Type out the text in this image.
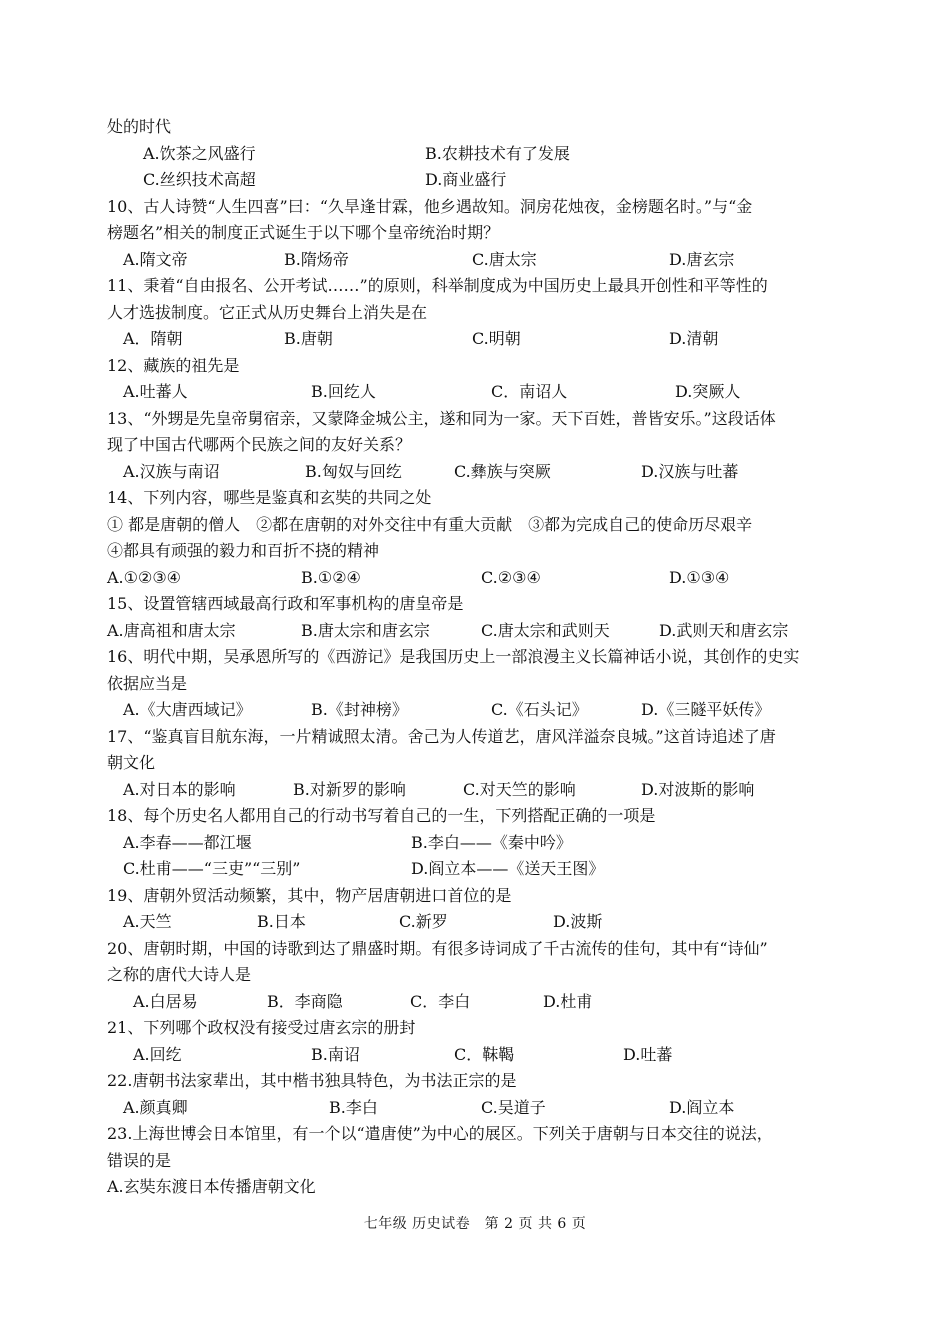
处的时代
A.饮茶之风盛行	B.农耕技术有了发展
C.丝织技术高超	D.商业盛行
10、古人诗赞“人生四喜”曰：“久旱逢甘霖，他乡遇故知。洞房花烛夜，金榜题名时。”与“金
榜题名”相关的制度正式诞生于以下哪个皇帝统治时期？
A.隋文帝	B.隋炀帝	C.唐太宗	D.唐玄宗
11、秉着“自由报名、公开考试……”的原则，科举制度成为中国历史上最具开创性和平等性的
人才选拔制度。它正式从历史舞台上消失是在
A．隋朝	B.唐朝	C.明朝	D.清朝
12、藏族的祖先是
A.吐蕃人	B.回纥人	C．南诏人	D.突厥人
13、“外甥是先皇帝舅宿亲，又蒙降金城公主，遂和同为一家。天下百姓，普皆安乐。”这段话体
现了中国古代哪两个民族之间的友好关系？
A.汉族与南诏	B.匈奴与回纥	C.彝族与突厥	D.汉族与吐蕃
14、下列内容，哪些是鉴真和玄奘的共同之处
① 都是唐朝的僧人　②都在唐朝的对外交往中有重大贡献　③都为完成自己的使命历尽艰辛
④都具有顽强的毅力和百折不挠的精神
A.①②③④	B.①②④	C.②③④	D.①③④
15、设置管辖西域最高行政和军事机构的唐皇帝是
A.唐高祖和唐太宗	B.唐太宗和唐玄宗	C.唐太宗和武则天	D.武则天和唐玄宗
16、明代中期，吴承恩所写的《西游记》是我国历史上一部浪漫主义长篇神话小说，其创作的史实
依据应当是
A.《大唐西域记》	B.《封神榜》	C.《石头记》	D.《三隧平妖传》
17、“鉴真盲目航东海，一片精诚照太清。舍己为人传道艺，唐风洋溢奈良城。”这首诗追述了唐
朝文化
A.对日本的影响	B.对新罗的影响	C.对天竺的影响	D.对波斯的影响
18、每个历史名人都用自己的行动书写着自己的一生，下列搭配正确的一项是
A.李春——都江堰	B.李白——《秦中吟》
C.杜甫——“三吏”“三别”	D.阎立本——《送天王图》
19、唐朝外贸活动频繁，其中，物产居唐朝进口首位的是
A.天竺	B.日本	C.新罗	D.波斯
20、唐朝时期，中国的诗歌到达了鼎盛时期。有很多诗词成了千古流传的佳句，其中有“诗仙”
之称的唐代大诗人是
A.白居易	B．李商隐	C．李白	D.杜甫
21、下列哪个政权没有接受过唐玄宗的册封
A.回纥	B.南诏	C．靺鞨	D.吐蕃
22.唐朝书法家辈出，其中楷书独具特色，为书法正宗的是
A.颜真卿	B.李白	C.吴道子	D.阎立本
23.上海世博会日本馆里，有一个以“遣唐使”为中心的展区。下列关于唐朝与日本交往的说法，
错误的是
A.玄奘东渡日本传播唐朝文化
七年级 历史试卷　第 2 页 共 6 页
